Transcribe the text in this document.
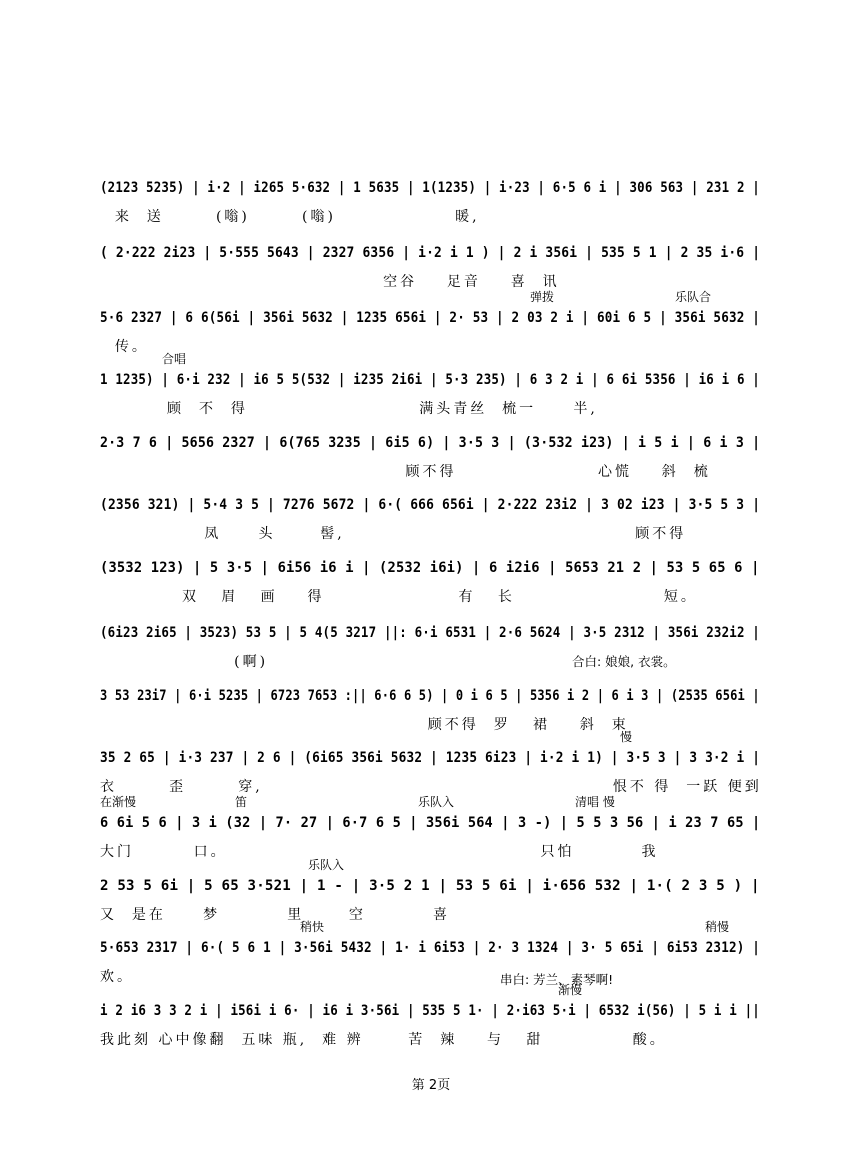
(2123 5235) | i·2 | i265 5·632 | 1 5635 | 1(1235) | i·23 | 6·5 6 i | 306 563 | 231 2 |
来  送       (嗡)       (嗡)                暖,
( 2·222 2i23 | 5·555 5643 | 2327 6356 | i·2 i 1 ) | 2 i 356i | 535 5 1 | 2 35 i·6 |
空谷    足音    喜  讯
5·6 2327 | 6 6(56i | 356i 5632 | 1235 656i | 2· 53 | 2 03 2 i | 60i 6 5 | 356i 5632 |
传。
弹拨	乐队合
1 1235) | 6·i 232 | i6 5 5(532 | i235 2i6i | 5·3 235) | 6 3 2 i | 6 6i 5356 | i6 i 6 |
顾  不  得                       满头青丝  梳一     半,
合唱
2·3 7 6 | 5656 2327 | 6(765 3235 | 6i5 6) | 3·5 3 | (3·532 i23) | i 5 i | 6 i 3 |
顾不得                   心慌    斜  梳
(2356 321) | 5·4 3 5 | 7276 5672 | 6·( 666 656i | 2·222 23i2 | 3 02 i23 | 3·5 5 3 |
凤     头      髻,                                       顾不得
(3532 123) | 5 3·5 | 6i56 i6 i | (2532 i6i) | 6 i2i6 | 5653 21 2 | 53 5 65 6 |
双   眉   画    得                  有   长                    短。
(6i23 2i65 | 3523) 53 5 | 5 4(5 3217 ||: 6·i 6531 | 2·6 5624 | 3·5 2312 | 356i 232i2 |
(啊)
3 53 23i7 | 6·i 5235 | 6723 7653 :|| 6·6 6 5) | 0 i 6 5 | 5356 i 2 | 6 i 3 | (2535 656i |
顾不得  罗   裙    斜  束
35 2 65 | i·3 237 | 2 6 | (6i65 356i 5632 | 1235 6i23 | i·2 i 1) | 3·5 3 | 3 3·2 i |
衣       歪       穿,                                               恨不 得  一跃 便到
慢
6 6i 5 6 | 3 i (32 | 7· 27 | 6·7 6 5 | 356i 564 | 3 -) | 5 5 3 56 | i 23 7 65 |
大门        口。                                          只怕         我
在渐慢	笛	乐队入	清唱 慢
2 53 5 6i | 5 65 3·521 | 1 - | 3·5 2 1 | 53 5 6i | i·656 532 | 1·( 2 3 5 ) |
又  是在     梦         里      空         喜
乐队入
5·653 2317 | 6·( 5 6 1 | 3·56i 5432 | 1· i 6i53 | 2· 3 1324 | 3· 5 65i | 6i53 2312) |
欢。
稍快	稍慢
i 2 i6 3 3 2 i | i56i i 6· | i6 i 3·56i | 535 5 1· | 2·i63 5·i | 6532 i(56) | 5 i i ||
我此刻 心中像翻  五味 瓶,  难 辨      苦  辣    与   甜            酸。
渐慢
合白: 娘娘, 衣裳。
串白: 芳兰、素琴啊!
第 2页
